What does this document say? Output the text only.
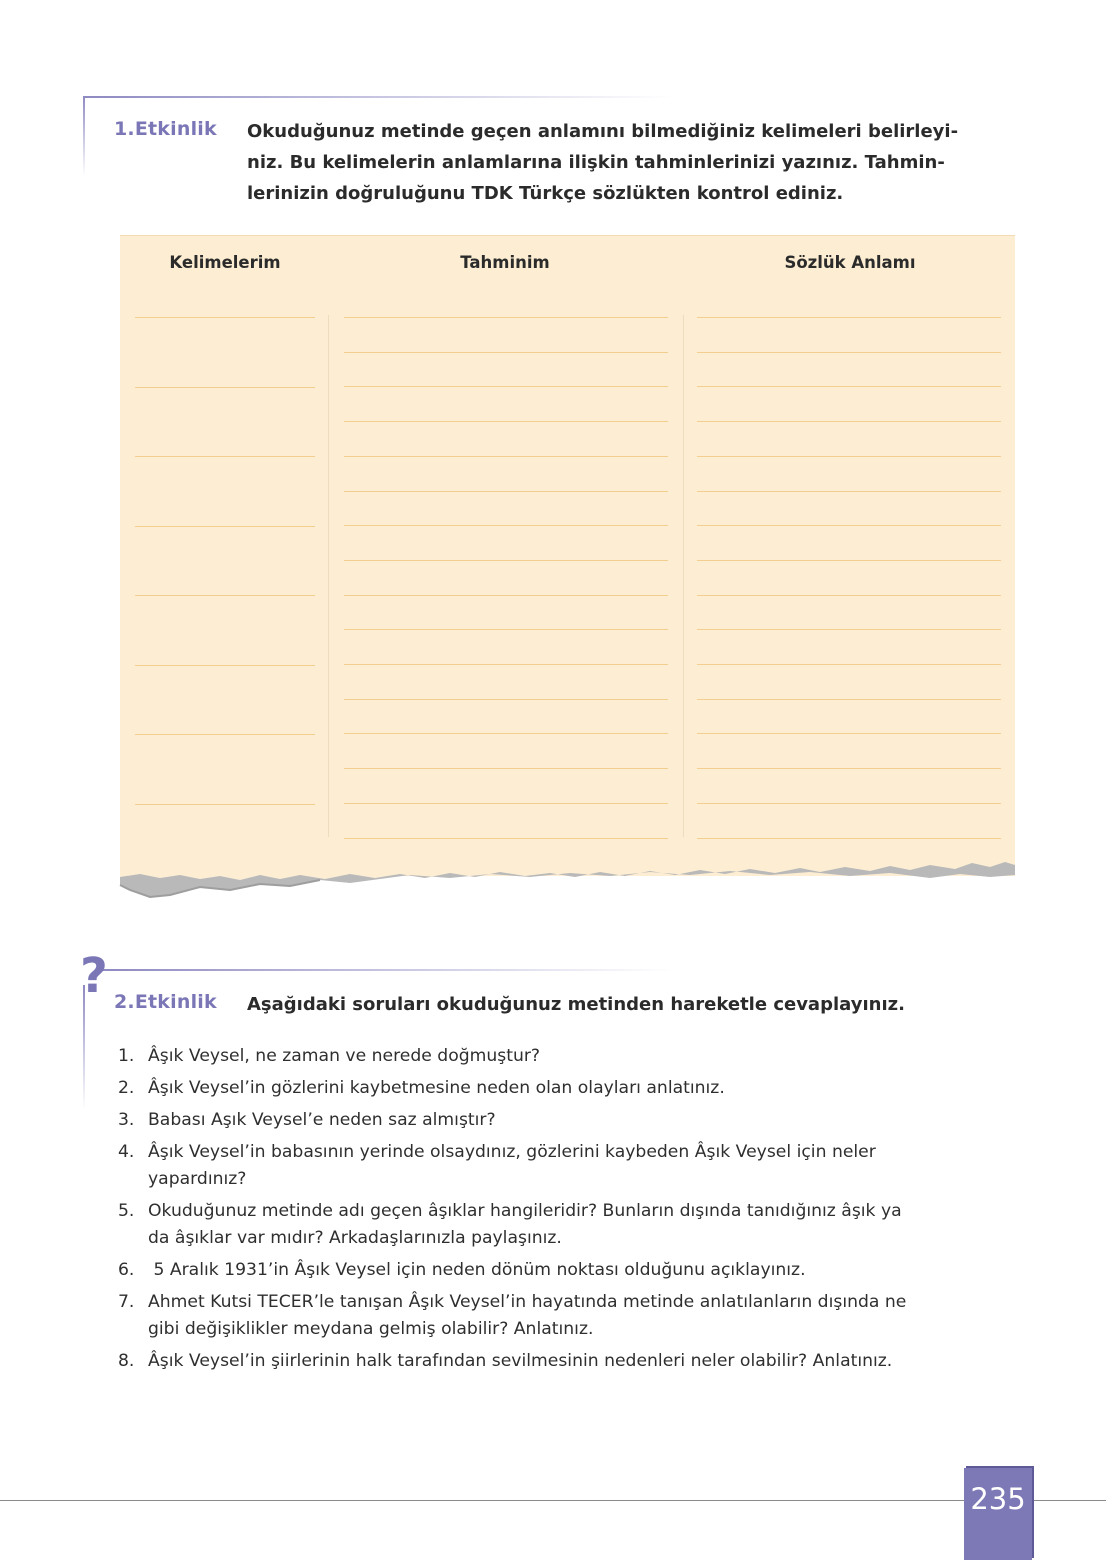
1.Etkinlik Okuduğunuz metinde geçen anlamını bilmediğiniz kelimeleri belirleyi-
niz. Bu kelimelerin anlamlarına ilişkin tahminlerinizi yazınız. Tahmin-
lerinizin doğruluğunu TDK Türkçe sözlükten kontrol ediniz.
Kelimelerim	Tahminim	Sözlük Anlamı
? 2.Etkinlik Aşağıdaki soruları okuduğunuz metinden hareketle cevaplayınız.
1. Âşık Veysel, ne zaman ve nerede doğmuştur?
2. Âşık Veysel’in gözlerini kaybetmesine neden olan olayları anlatınız.
3. Babası Aşık Veysel’e neden saz almıştır?
4. Âşık Veysel’in babasının yerinde olsaydınız, gözlerini kaybeden Âşık Veysel için neler
yapardınız?
5. Okuduğunuz metinde adı geçen âşıklar hangileridir? Bunların dışında tanıdığınız âşık ya
da âşıklar var mıdır? Arkadaşlarınızla paylaşınız.
6. 5 Aralık 1931’in Âşık Veysel için neden dönüm noktası olduğunu açıklayınız.
7. Ahmet Kutsi TECER’le tanışan Âşık Veysel’in hayatında metinde anlatılanların dışında ne
gibi değişiklikler meydana gelmiş olabilir? Anlatınız.
8. Âşık Veysel’in şiirlerinin halk tarafından sevilmesinin nedenleri neler olabilir? Anlatınız.
235
